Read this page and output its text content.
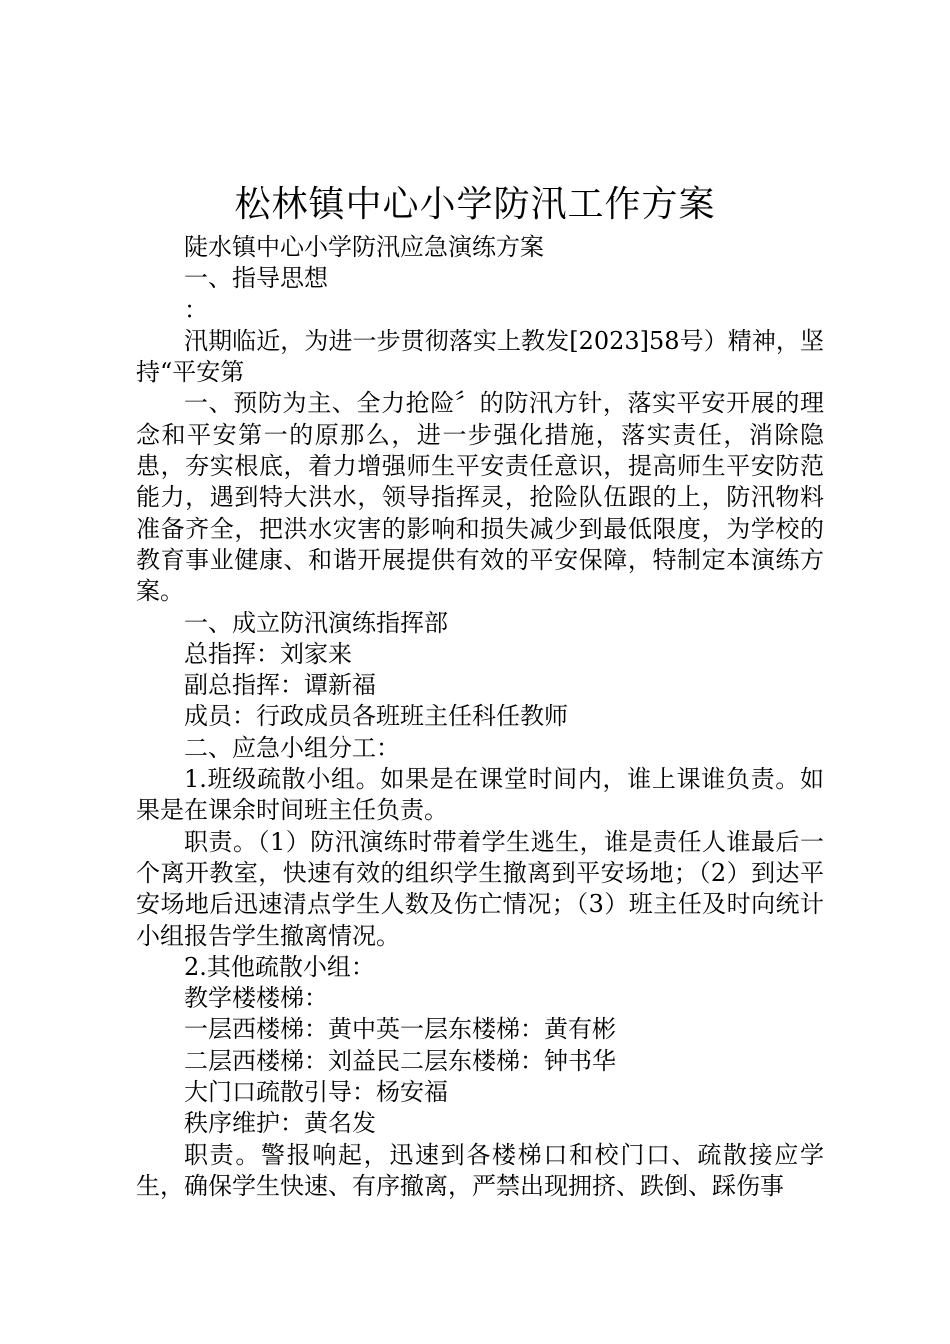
松林镇中心小学防汛工作方案

陡水镇中心小学防汛应急演练方案

一、指导思想

：

汛期临近，为进一步贯彻落实上教发[2023]58号）精神，坚持“平安第

一、预防为主、全力抢险〞的防汛方针，落实平安开展的理念和平安第一的原那么，进一步强化措施，落实责任，消除隐患，夯实根底，着力增强师生平安责任意识，提高师生平安防范能力，遇到特大洪水，领导指挥灵，抢险队伍跟的上，防汛物料准备齐全，把洪水灾害的影响和损失减少到最低限度，为学校的教育事业健康、和谐开展提供有效的平安保障，特制定本演练方案。

一、成立防汛演练指挥部

总指挥：刘家来

副总指挥：谭新福

成员：行政成员各班班主任科任教师

二、应急小组分工：

1.班级疏散小组。如果是在课堂时间内，谁上课谁负责。如果是在课余时间班主任负责。

职责。（1）防汛演练时带着学生逃生，谁是责任人谁最后一个离开教室，快速有效的组织学生撤离到平安场地；（2）到达平安场地后迅速清点学生人数及伤亡情况；（3）班主任及时向统计小组报告学生撤离情况。

2.其他疏散小组：

教学楼楼梯：

一层西楼梯：黄中英一层东楼梯：黄有彬

二层西楼梯：刘益民二层东楼梯：钟书华

大门口疏散引导：杨安福

秩序维护：黄名发

职责。警报响起，迅速到各楼梯口和校门口、疏散接应学生，确保学生快速、有序撤离，严禁出现拥挤、跌倒、踩伤事
